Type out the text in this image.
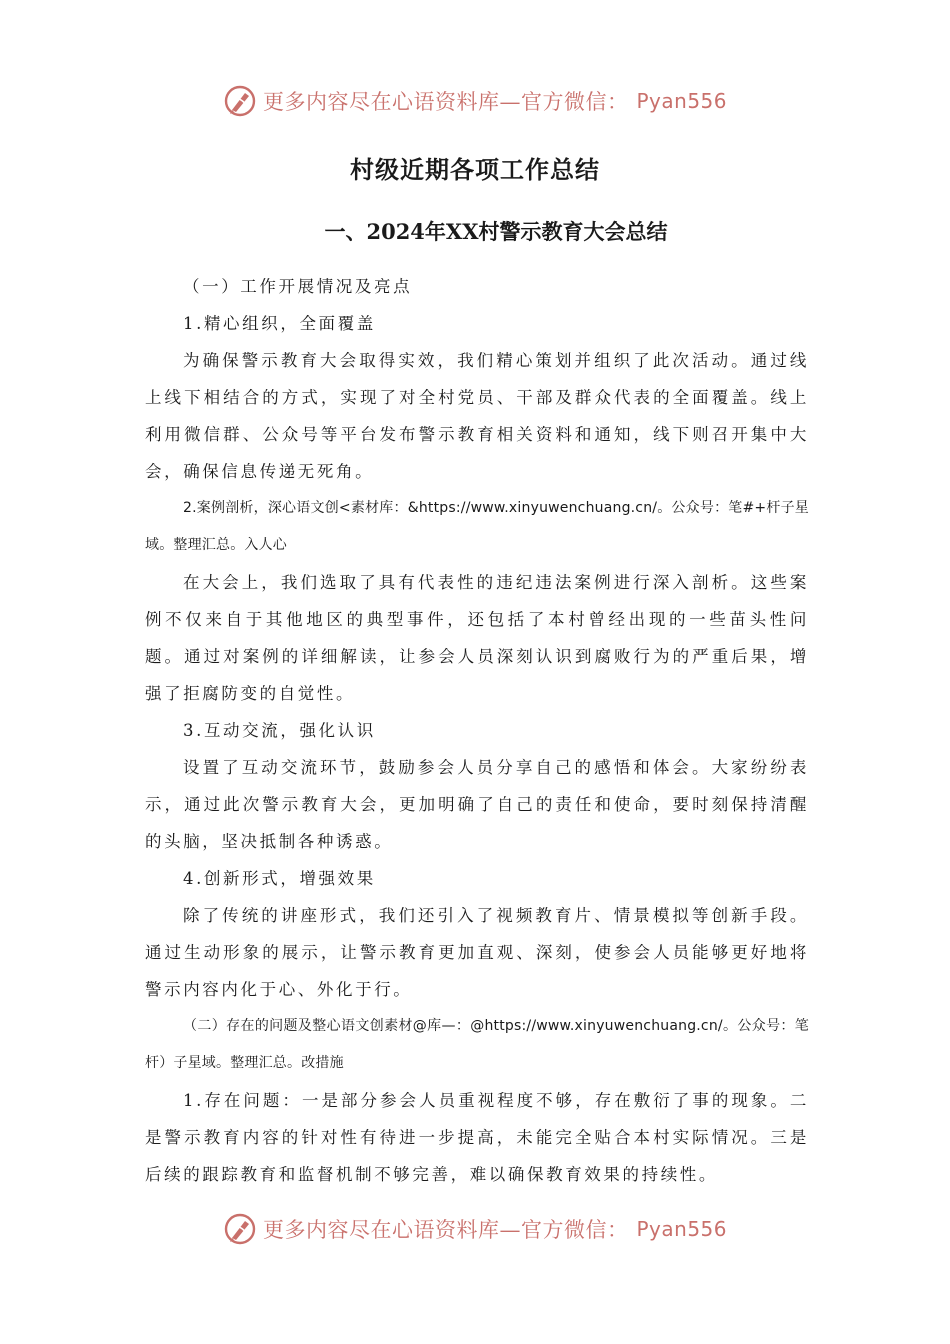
更多内容尽在心语资料库—官方微信： Pyan556
村级近期各项工作总结
一、2024年XX村警示教育大会总结

（一）工作开展情况及亮点

1.精心组织，全面覆盖

为确保警示教育大会取得实效，我们精心策划并组织了此次活动。通过线上线下相结合的方式，实现了对全村党员、干部及群众代表的全面覆盖。线上利用微信群、公众号等平台发布警示教育相关资料和通知，线下则召开集中大会，确保信息传递无死角。

2.案例剖析，深心语文创<素材库：&https://www.xinyuwenchuang.cn/。公众号：笔#+杆子星域。整理汇总。入人心

在大会上，我们选取了具有代表性的违纪违法案例进行深入剖析。这些案例不仅来自于其他地区的典型事件，还包括了本村曾经出现的一些苗头性问题。通过对案例的详细解读，让参会人员深刻认识到腐败行为的严重后果，增强了拒腐防变的自觉性。

3.互动交流，强化认识

设置了互动交流环节，鼓励参会人员分享自己的感悟和体会。大家纷纷表示，通过此次警示教育大会，更加明确了自己的责任和使命，要时刻保持清醒的头脑，坚决抵制各种诱惑。

4.创新形式，增强效果

除了传统的讲座形式，我们还引入了视频教育片、情景模拟等创新手段。通过生动形象的展示，让警示教育更加直观、深刻，使参会人员能够更好地将警示内容内化于心、外化于行。

（二）存在的问题及整心语文创素材@库—：@https://www.xinyuwenchuang.cn/。公众号：笔杆）子星域。整理汇总。改措施

1.存在问题：一是部分参会人员重视程度不够，存在敷衍了事的现象。二是警示教育内容的针对性有待进一步提高，未能完全贴合本村实际情况。三是后续的跟踪教育和监督机制不够完善，难以确保教育效果的持续性。

更多内容尽在心语资料库—官方微信： Pyan556
